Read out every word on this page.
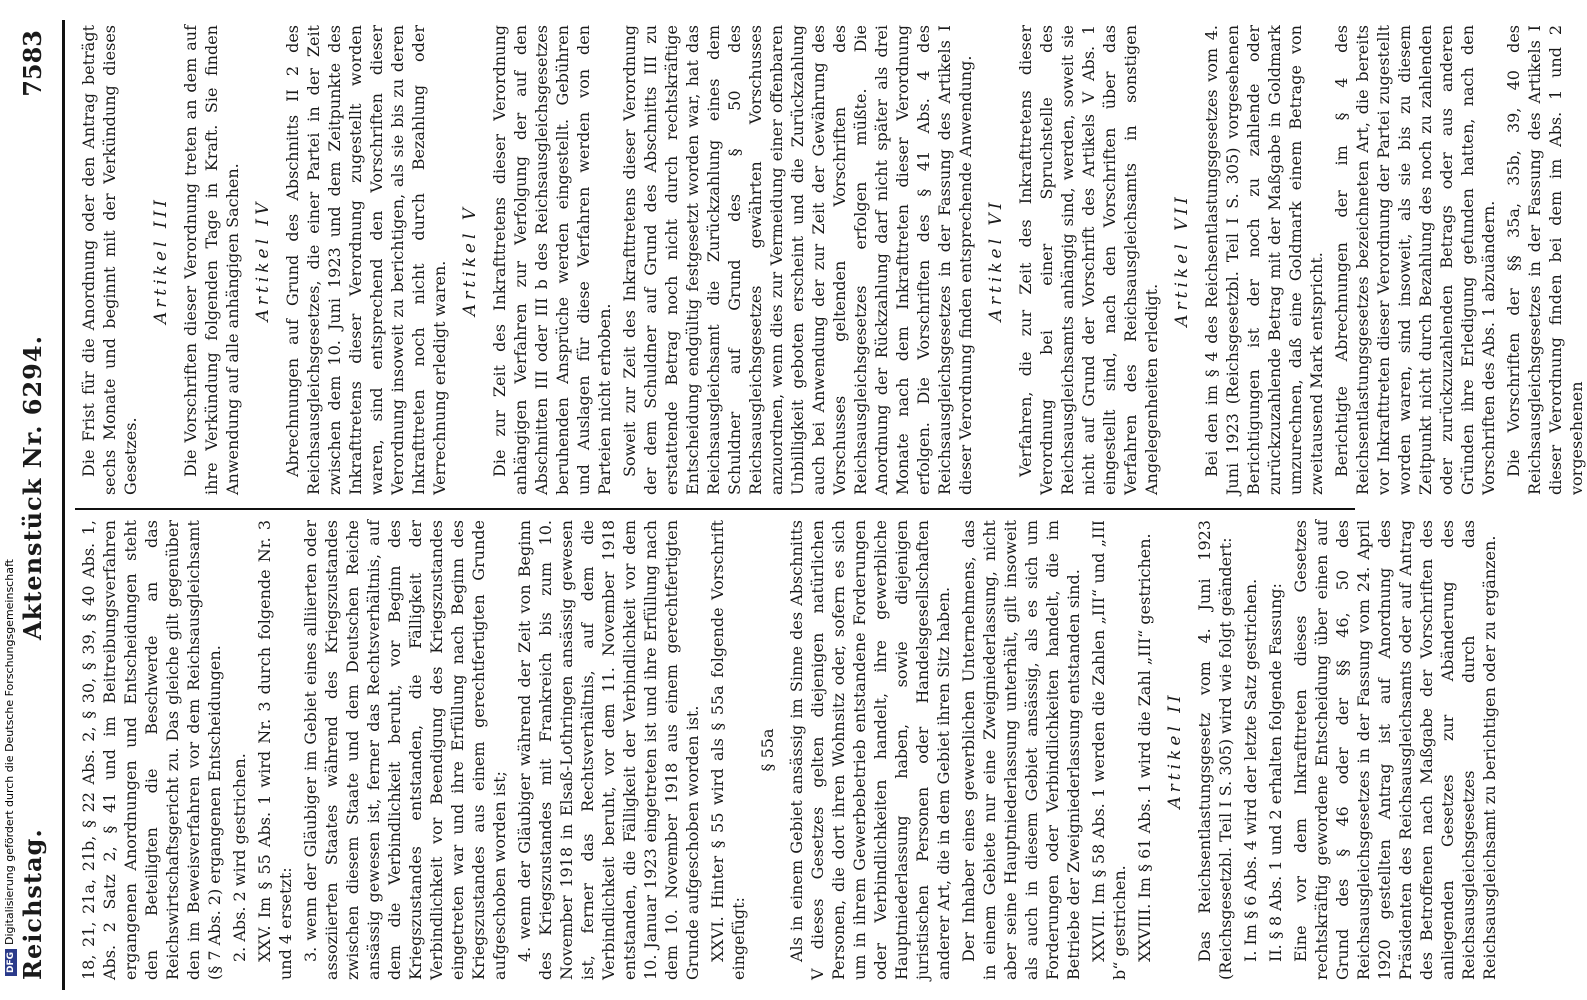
DFGDigitalisierung gefördert durch die Deutsche Forschungsgemeinschaft Reichstag.
Aktenstück Nr. 6294.
7583

18, 21, 21a, 21b, § 22 Abs. 2, § 30, § 39, § 40 Abs. 1, Abs. 2 Satz 2, § 41 und im Beitreibungsverfahren ergangenen Anordnungen und Entscheidungen steht den Beteiligten die Beschwerde an das Reichswirtschaftsgericht zu. Das gleiche gilt gegenüber den im Beweisverfahren vor dem Reichsausgleichsamt (§ 7 Abs. 2) ergangenen Entscheidungen. 2. Abs. 2 wird gestrichen. XXV. Im § 55 Abs. 1 wird Nr. 3 durch folgende Nr. 3 und 4 ersetzt: 3. wenn der Gläubiger im Gebiet eines alliierten oder assoziierten Staates während des Kriegszustandes zwischen diesem Staate und dem Deutschen Reiche ansässig gewesen ist, ferner das Rechtsverhältnis, auf dem die Verbindlichkeit beruht, vor Beginn des Kriegszustandes entstanden, die Fälligkeit der Verbindlichkeit vor Beendigung des Kriegszustandes eingetreten war und ihre Erfüllung nach Beginn des Kriegszustandes aus einem gerechtfertigten Grunde aufgeschoben worden ist; 4. wenn der Gläubiger während der Zeit von Beginn des Kriegszustandes mit Frankreich bis zum 10. November 1918 in Elsaß-Lothringen ansässig gewesen ist, ferner das Rechtsverhältnis, auf dem die Verbindlichkeit beruht, vor dem 11. November 1918 entstanden, die Fälligkeit der Verbindlichkeit vor dem 10. Januar 1923 eingetreten ist und ihre Erfüllung nach dem 10. November 1918 aus einem gerechtfertigten Grunde aufgeschoben worden ist. XXVI. Hinter § 55 wird als § 55a folgende Vorschrift eingefügt:

§ 55a Als in einem Gebiet ansässig im Sinne des Abschnitts V dieses Gesetzes gelten diejenigen natürlichen Personen, die dort ihren Wohnsitz oder, sofern es sich um in ihrem Gewerbebetrieb entstandene Forderungen oder Verbindlichkeiten handelt, ihre gewerbliche Hauptniederlassung haben, sowie diejenigen juristischen Personen oder Handelsgesellschaften anderer Art, die in dem Gebiet ihren Sitz haben. Der Inhaber eines gewerblichen Unternehmens, das in einem Gebiete nur eine Zweigniederlassung, nicht aber seine Hauptniederlassung unterhält, gilt insoweit als auch in diesem Gebiet ansässig, als es sich um Forderungen oder Verbindlichkeiten handelt, die im Betriebe der Zweigniederlassung entstanden sind. XXVII. Im § 58 Abs. 1 werden die Zahlen „III“ und „III b“ gestrichen. XXVIII. Im § 61 Abs. 1 wird die Zahl „III“ gestrichen. Artikel II Das Reichsentlastungsgesetz vom 4. Juni 1923 (Reichsgesetzbl. Teil I S. 305) wird wie folgt geändert: I. Im § 6 Abs. 4 wird der letzte Satz gestrichen. II. § 8 Abs. 1 und 2 erhalten folgende Fassung: Eine vor dem Inkrafttreten dieses Gesetzes rechtskräftig gewordene Entscheidung über einen auf Grund des § 46 oder der §§ 46, 50 des Reichsausgleichsgesetzes in der Fassung vom 24. April 1920 gestellten Antrag ist auf Anordnung des Präsidenten des Reichsausgleichsamts oder auf Antrag des Betroffenen nach Maßgabe der Vorschriften des anliegenden Gesetzes zur Abänderung des Reichsausgleichsgesetzes durch das Reichsausgleichsamt zu berichtigen oder zu ergänzen.

Die Frist für die Anordnung oder den Antrag beträgt sechs Monate und beginnt mit der Verkündung dieses Gesetzes.

Artikel III Die Vorschriften dieser Verordnung treten an dem auf ihre Verkündung folgenden Tage in Kraft. Sie finden Anwendung auf alle anhängigen Sachen. Artikel IV Abrechnungen auf Grund des Abschnitts II 2 des Reichsausgleichsgesetzes, die einer Partei in der Zeit zwischen dem 10. Juni 1923 und dem Zeitpunkte des Inkrafttretens dieser Verordnung zugestellt worden waren, sind entsprechend den Vorschriften dieser Verordnung insoweit zu berichtigen, als sie bis zu deren Inkrafttreten noch nicht durch Bezahlung oder Verrechnung erledigt waren.

Artikel V Die zur Zeit des Inkrafttretens dieser Verordnung anhängigen Verfahren zur Verfolgung der auf den Abschnitten III oder III b des Reichsausgleichsgesetzes beruhenden Ansprüche werden eingestellt. Gebühren und Auslagen für diese Verfahren werden von den Parteien nicht erhoben. Soweit zur Zeit des Inkrafttretens dieser Verordnung der dem Schuldner auf Grund des Abschnitts III zu erstattende Betrag noch nicht durch rechtskräftige Entscheidung endgültig festgesetzt worden war, hat das Reichsausgleichsamt die Zurückzahlung eines dem Schuldner auf Grund des § 50 des Reichsausgleichsgesetzes gewährten Vorschusses anzuordnen, wenn dies zur Vermeidung einer offenbaren Unbilligkeit geboten erscheint und die Zurückzahlung auch bei Anwendung der zur Zeit der Gewährung des Vorschusses geltenden Vorschriften des Reichsausgleichsgesetzes erfolgen müßte. Die Anordnung der Rückzahlung darf nicht später als drei Monate nach dem Inkrafttreten dieser Verordnung erfolgen. Die Vorschriften des § 41 Abs. 4 des Reichsausgleichsgesetzes in der Fassung des Artikels I dieser Verordnung finden entsprechende Anwendung. Artikel VI Verfahren, die zur Zeit des Inkrafttretens dieser Verordnung bei einer Spruchstelle des Reichsausgleichsamts anhängig sind, werden, soweit sie nicht auf Grund der Vorschrift des Artikels V Abs. 1 eingestellt sind, nach den Vorschriften über das Verfahren des Reichsausgleichsamts in sonstigen Angelegenheiten erledigt.

Artikel VII Bei den im § 4 des Reichsentlastungsgesetzes vom 4. Juni 1923 (Reichsgesetzbl. Teil I S. 305) vorgesehenen Berichtigungen ist der noch zu zahlende oder zurückzuzahlende Betrag mit der Maßgabe in Goldmark umzurechnen, daß eine Goldmark einem Betrage von zweitausend Mark entspricht. Berichtigte Abrechnungen der im § 4 des Reichsentlastungsgesetzes bezeichneten Art, die bereits vor Inkrafttreten dieser Verordnung der Partei zugestellt worden waren, sind insoweit, als sie bis zu diesem Zeitpunkt nicht durch Bezahlung des noch zu zahlenden oder zurückzuzahlenden Betrags oder aus anderen Gründen ihre Erledigung gefunden hatten, nach den Vorschriften des Abs. 1 abzuändern. Die Vorschriften der §§ 35a, 35b, 39, 40 des Reichsausgleichsgesetzes in der Fassung des Artikels I dieser Verordnung finden bei dem im Abs. 1 und 2 vorgesehenen
